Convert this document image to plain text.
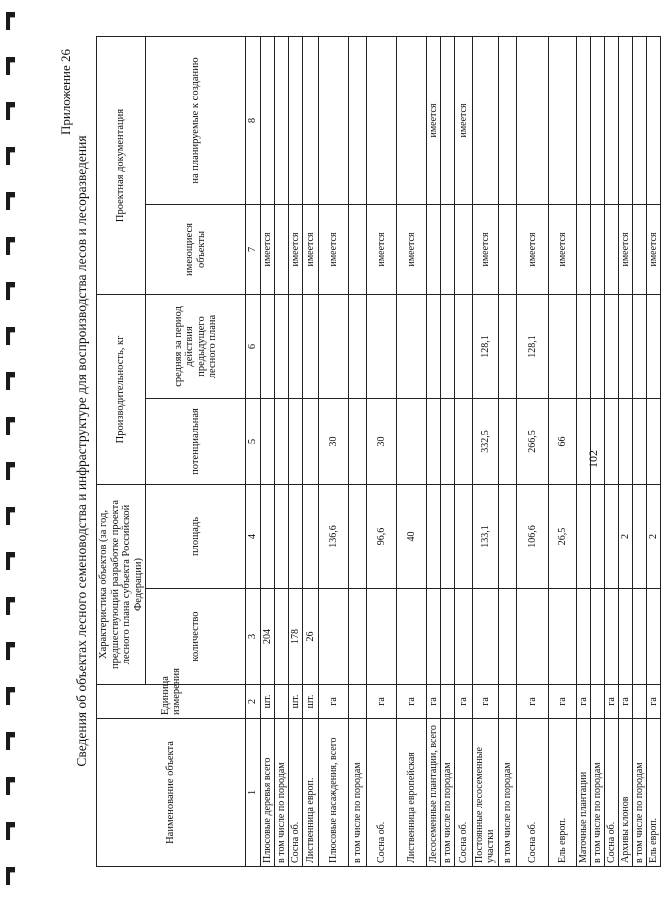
Приложение 26
Сведения об объектах лесного семеноводства и инфраструктуре для воспроизводства лесов и лесоразведения
Наименование объекта	Единица измерения	Характеристика объектов (за год, предшествующий разработке проекта лесного плана субъекта Российской Федерации)		Производительность, кг		Проектная документация	
		количество	площадь	потенциальная	средняя за период действия предыдущего лесного плана	имеющиеся объекты	на планируемые к созданию
1	2	3	4	5	6	7	8
Плюсовые деревья всего	шт.	204				имеется	
в том числе по породам							
Сосна об.	шт.	178				имеется	
Лиственница европ.	шт.	26				имеется	
Плюсовые насаждения, всего	га		136,6	30		имеется	
в том числе по породам							
Сосна об.	га		96,6	30		имеется	
Лиственница европейская	га		40			имеется	
Лесосеменные плантации, всего	га						имеется
в том числе по породам							
Сосна об.	га						имеется
Постоянные лесосеменные участки	га		133,1	332,5	128,1	имеется	
в том числе по породам							
Сосна об.	га		106,6	266,5	128,1	имеется	
Ель европ.	га		26,5	66		имеется	
Маточные плантации	га						
в том числе по породам							
Сосна об.	га						
Архивы клонов	га		2			имеется	
в том числе по породам							
Ель европ.	га		2			имеется	
102
